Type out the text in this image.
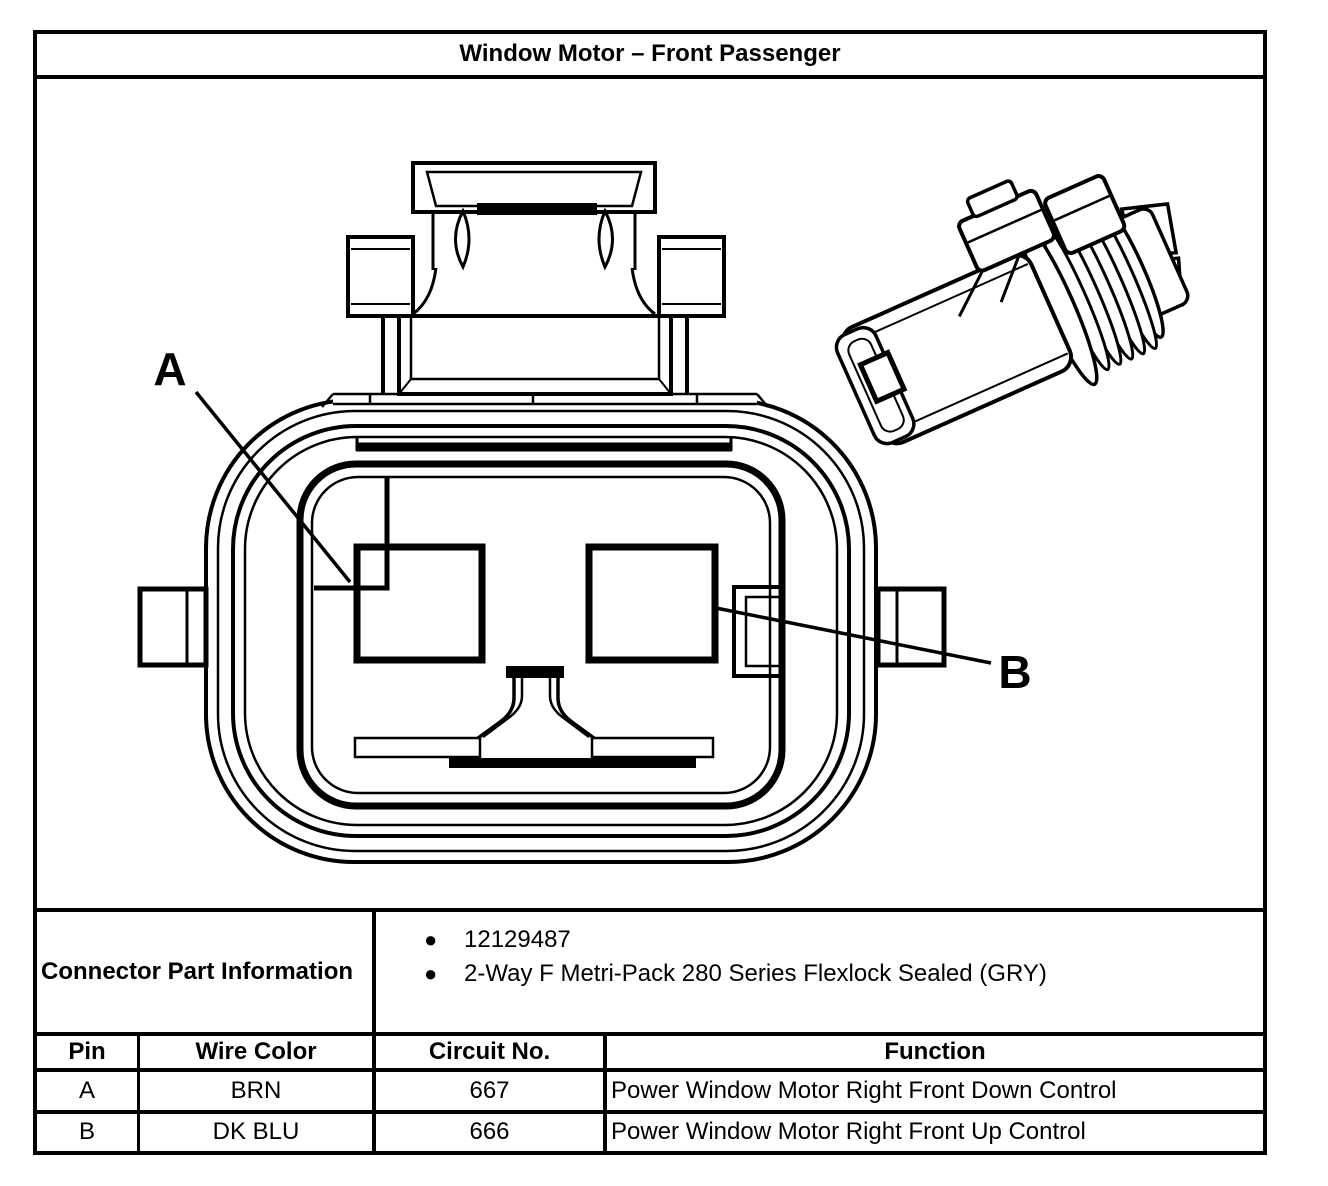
A
B
Window Motor – Front Passenger
Connector Part Information
●	12129487
●	2-Way F Metri-Pack 280 Series Flexlock Sealed (GRY)
Pin	Wire Color	Circuit No.	Function
A	BRN	667	Power Window Motor Right Front Down Control
B	DK BLU	666	Power Window Motor Right Front Up Control
